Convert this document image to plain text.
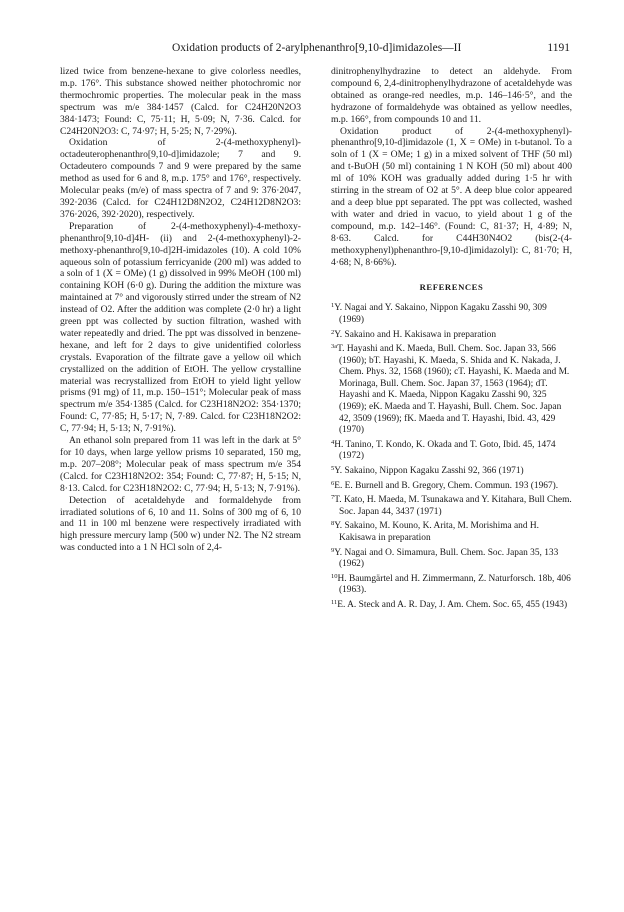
Oxidation products of 2-arylphenanthro[9,10-d]imidazoles—II	1191

lized twice from benzene-hexane to give colorless needles, m.p. 176°. This substance showed neither photochromic nor thermochromic properties. The molecular peak in the mass spectrum was m/e 384·1457 (Calcd. for C24H20N2O3 384·1473; Found: C, 75·11; H, 5·09; N, 7·36. Calcd. for C24H20N2O3: C, 74·97; H, 5·25; N, 7·29%).

Oxidation of 2-(4-methoxyphenyl)-octadeuterophenanthro[9,10-d]imidazole; 7 and 9. Octadeutero compounds 7 and 9 were prepared by the same method as used for 6 and 8, m.p. 175° and 176°, respectively. Molecular peaks (m/e) of mass spectra of 7 and 9: 376·2047, 392·2036 (Calcd. for C24H12D8N2O2, C24H12D8N2O3: 376·2026, 392·2020), respectively.

Preparation of 2-(4-methoxyphenyl)-4-methoxy-phenanthro[9,10-d]4H- (ii) and 2-(4-methoxyphenyl)-2-methoxy-phenanthro[9,10-d]2H-imidazoles (10). A cold 10% aqueous soln of potassium ferricyanide (200 ml) was added to a soln of 1 (X = OMe) (1 g) dissolved in 99% MeOH (100 ml) containing KOH (6·0 g). During the addition the mixture was maintained at 7° and vigorously stirred under the stream of N2 instead of O2. After the addition was complete (2·0 hr) a light green ppt was collected by suction filtration, washed with water repeatedly and dried. The ppt was dissolved in benzene-hexane, and left for 2 days to give unidentified colorless crystals. Evaporation of the filtrate gave a yellow oil which crystallized on the addition of EtOH. The yellow crystalline material was recrystallized from EtOH to yield light yellow prisms (91 mg) of 11, m.p. 150–151°; Molecular peak of mass spectrum m/e 354·1385 (Calcd. for C23H18N2O2: 354·1370; Found: C, 77·85; H, 5·17; N, 7·89. Calcd. for C23H18N2O2: C, 77·94; H, 5·13; N, 7·91%).

An ethanol soln prepared from 11 was left in the dark at 5° for 10 days, when large yellow prisms 10 separated, 150 mg, m.p. 207–208°; Molecular peak of mass spectrum m/e 354 (Calcd. for C23H18N2O2: 354; Found: C, 77·87; H, 5·15; N, 8·13. Calcd. for C23H18N2O2: C, 77·94; H, 5·13; N, 7·91%).

Detection of acetaldehyde and formaldehyde from irradiated solutions of 6, 10 and 11. Solns of 300 mg of 6, 10 and 11 in 100 ml benzene were respectively irradiated with high pressure mercury lamp (500 w) under N2. The N2 stream was conducted into a 1 N HCl soln of 2,4-

dinitrophenylhydrazine to detect an aldehyde. From compound 6, 2,4-dinitrophenylhydrazone of acetaldehyde was obtained as orange-red needles, m.p. 146–146·5°, and the hydrazone of formaldehyde was obtained as yellow needles, m.p. 166°, from compounds 10 and 11.

Oxidation product of 2-(4-methoxyphenyl)-phenanthro[9,10-d]imidazole (1, X = OMe) in t-butanol. To a soln of 1 (X = OMe; 1 g) in a mixed solvent of THF (50 ml) and t-BuOH (50 ml) containing 1 N KOH (50 ml) about 400 ml of 10% KOH was gradually added during 1·5 hr with stirring in the stream of O2 at 5°. A deep blue color appeared and a deep blue ppt separated. The ppt was collected, washed with water and dried in vacuo, to yield about 1 g of the compound, m.p. 142–146°. (Found: C, 81·37; H, 4·89; N, 8·63. Calcd. for C44H30N4O2 (bis(2-(4-methoxyphenyl)phenanthro-[9,10-d]imidazolyl): C, 81·70; H, 4·68; N, 8·66%).

REFERENCES

$^1$Y. Nagai and Y. Sakaino, Nippon Kagaku Zasshi 90, 309 (1969)

$^2$Y. Sakaino and H. Kakisawa in preparation

$^{3a}$T. Hayashi and K. Maeda, Bull. Chem. Soc. Japan 33, 566 (1960); bT. Hayashi, K. Maeda, S. Shida and K. Nakada, J. Chem. Phys. 32, 1568 (1960); cT. Hayashi, K. Maeda and M. Morinaga, Bull. Chem. Soc. Japan 37, 1563 (1964); dT. Hayashi and K. Maeda, Nippon Kagaku Zasshi 90, 325 (1969); eK. Maeda and T. Hayashi, Bull. Chem. Soc. Japan 42, 3509 (1969); fK. Maeda and T. Hayashi, Ibid. 43, 429 (1970)

$^4$H. Tanino, T. Kondo, K. Okada and T. Goto, Ibid. 45, 1474 (1972)

$^5$Y. Sakaino, Nippon Kagaku Zasshi 92, 366 (1971)

$^6$E. E. Burnell and B. Gregory, Chem. Commun. 193 (1967).

$^7$T. Kato, H. Maeda, M. Tsunakawa and Y. Kitahara, Bull Chem. Soc. Japan 44, 3437 (1971)

$^8$Y. Sakaino, M. Kouno, K. Arita, M. Morishima and H. Kakisawa in preparation

$^9$Y. Nagai and O. Simamura, Bull. Chem. Soc. Japan 35, 133 (1962)

$^{10}$H. Baumgärtel and H. Zimmermann, Z. Naturforsch. 18b, 406 (1963).

$^{11}$E. A. Steck and A. R. Day, J. Am. Chem. Soc. 65, 455 (1943)
